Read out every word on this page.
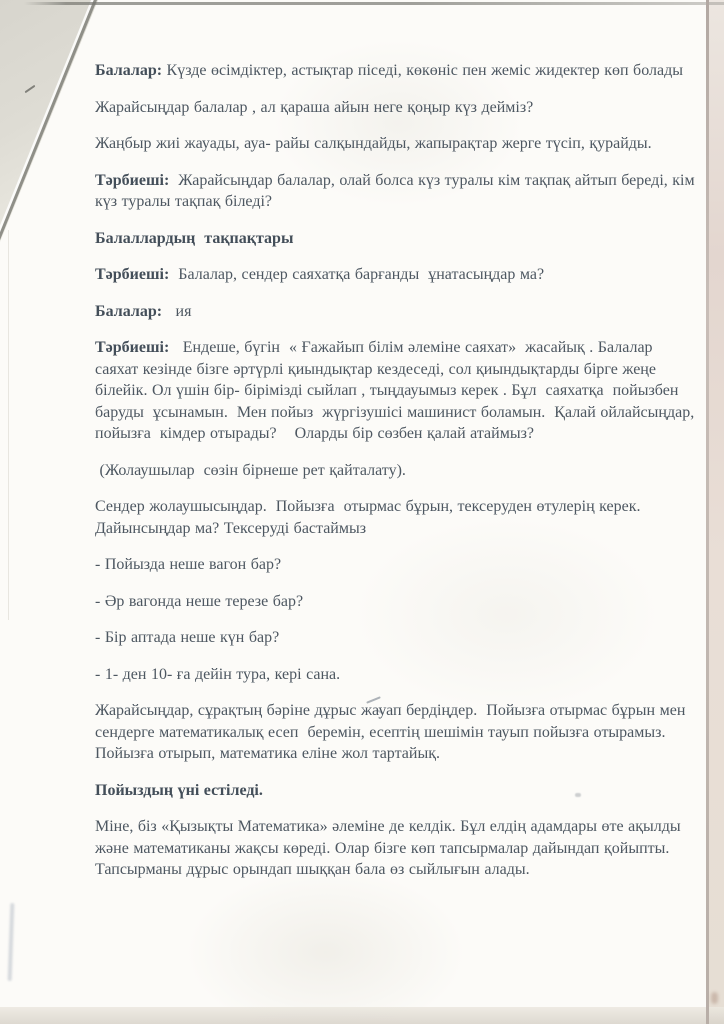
Балалар: Күзде өсімдіктер, астықтар піседі, көкөніс пен жеміс жидектер көп болады

Жарайсыңдар балалар , ал қараша айын неге қоңыр күз дейміз?

Жаңбыр жиі жауады, ауа- райы салқындайды, жапырақтар жерге түсіп, қурайды.

Тәрбиеші:  Жарайсыңдар балалар, олай болса күз туралы кім тақпақ айтып береді, кім күз туралы тақпақ біледі?

Балаллардың  тақпақтары

Тәрбиеші:  Балалар, сендер саяхатқа барғанды  ұнатасыңдар ма?

Балалар:   ия

Тәрбиеші:   Ендеше, бүгін  « Ғажайып білім әлеміне саяхат»  жасайық . Балалар саяхат кезінде бізге әртүрлі қиындықтар кездеседі, сол қиындықтарды бірге жеңе білейік. Ол үшін бір- бірімізді сыйлап , тыңдауымыз керек . Бұл  саяхатқа  пойызбен  баруды  ұсынамын.  Мен пойыз  жүргізушісі машинист боламын.  Қалай ойлайсыңдар, пойызға  кімдер отырады?    Оларды бір сөзбен қалай атаймыз?

(Жолаушылар  сөзін бірнеше рет қайталату).

Сендер жолаушысыңдар.  Пойызға  отырмас бұрын, тексеруден өтулерің керек. Дайынсыңдар ма? Тексеруді бастаймыз

- Пойызда неше вагон бар?

- Әр вагонда неше терезе бар?

- Бір аптада неше күн бар?

- 1- ден 10- ға дейін тура, кері сана.

Жарайсыңдар, сұрақтың бәріне дұрыс жауап бердіңдер.  Пойызға отырмас бұрын мен сендерге математикалық есеп  беремін, есептің шешімін тауып пойызға отырамыз. Пойызға отырып, математика еліне жол тартайық.

Пойыздың үні естіледі.

Міне, біз «Қызықты Математика» әлеміне де келдік. Бұл елдің адамдары өте ақылды және математиканы жақсы көреді. Олар бізге көп тапсырмалар дайындап қойыпты. Тапсырманы дұрыс орындап шыққан бала өз сыйлығын алады.
